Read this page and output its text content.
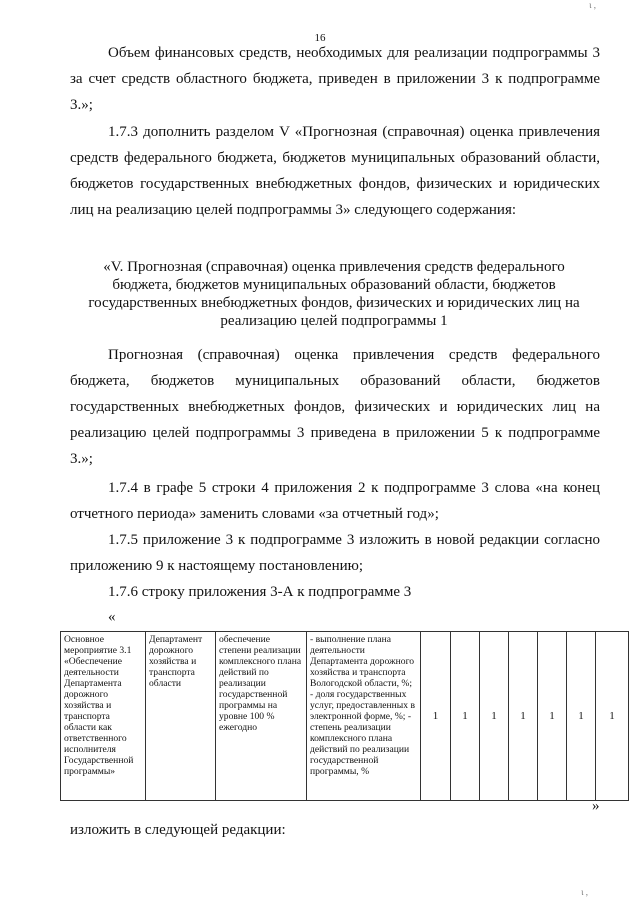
ι ,
16
Объем финансовых средств, необходимых для реализации подпрограммы 3 за счет средств областного бюджета, приведен в приложении 3 к подпрограмме 3.»;
1.7.3 дополнить разделом V «Прогнозная (справочная) оценка привлечения средств федерального бюджета, бюджетов муниципальных образований области, бюджетов государственных внебюджетных фондов, физических и юридических лиц на реализацию целей подпрограммы 3» следующего содержания:
«V. Прогнозная (справочная) оценка привлечения средств федерального бюджета, бюджетов муниципальных образований области, бюджетов государственных внебюджетных фондов, физических и юридических лиц на реализацию целей подпрограммы 1
Прогнозная (справочная) оценка привлечения средств федерального бюджета, бюджетов муниципальных образований области, бюджетов государственных внебюджетных фондов, физических и юридических лиц на реализацию целей подпрограммы 3 приведена в приложении 5 к подпрограмме 3.»;
1.7.4 в графе 5 строки 4 приложения 2 к подпрограмме 3 слова «на конец отчетного периода» заменить словами «за отчетный год»;
1.7.5 приложение 3 к подпрограмме 3 изложить в новой редакции согласно приложению 9 к настоящему постановлению;
1.7.6 строку приложения 3-А к подпрограмме 3
«
Основное мероприятие 3.1 «Обеспечение деятельности Департамента дорожного хозяйства и транспорта области как ответственного исполнителя Государственной программы»	Департамент дорожного хозяйства и транспорта области	обеспечение степени реализации комплексного плана действий по реализации государственной программы на уровне 100 % ежегодно	- выполнение плана деятельности Департамента дорожного хозяйства и транспорта Вологодской области, %; - доля государственных услуг, предоставленных в электронной форме, %; - степень реализации комплексного плана действий по реализации государственной программы, %	1	1	1	1	1	1	1
»
изложить в следующей редакции:
ι ,
